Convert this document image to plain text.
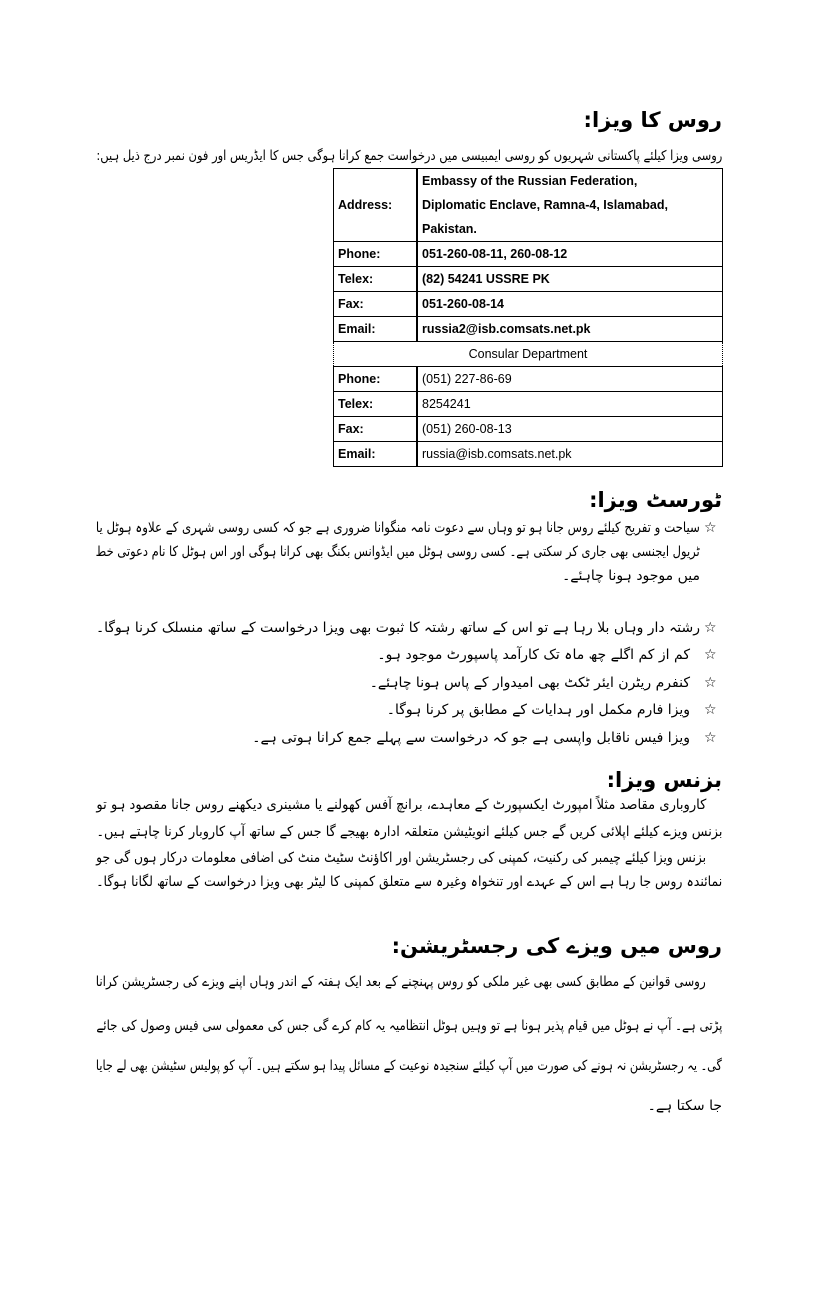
روس کا ویزا:
روسی ویزا کیلئے پاکستانی شہریوں کو روسی ایمبیسی میں درخواست جمع کرانا ہوگی جس کا ایڈریس اور فون نمبر درج ذیل ہیں:
Address:	Embassy of the Russian Federation,
Diplomatic Enclave, Ramna-4, Islamabad,
Pakistan.

Phone:	051-260-08-11, 260-08-12
Telex:	(82) 54241 USSRE PK
Fax:	051-260-08-14
Email:	russia2@isb.comsats.net.pk
Consular Department	
Phone:	(051) 227-86-69
Telex:	8254241
Fax:	(051) 260-08-13
Email:	russia@isb.comsats.net.pk
ٹورسٹ ویزا:
☆
سیاحت و تفریح کیلئے روس جانا ہو تو وہاں سے دعوت نامہ منگوانا ضروری ہے جو کہ کسی روسی شہری کے علاوہ ہوٹل یا
ٹریول ایجنسی بھی جاری کر سکتی ہے۔ کسی روسی ہوٹل میں ایڈوانس بکنگ بھی کرانا ہوگی اور اس ہوٹل کا نام دعوتی خط
میں موجود ہونا چاہئے۔
☆
رشتہ دار وہاں بلا رہا ہے تو اس کے ساتھ رشتہ کا ثبوت بھی ویزا درخواست کے ساتھ منسلک کرنا ہوگا۔
☆
کم از کم اگلے چھ ماہ تک کارآمد پاسپورٹ موجود ہو۔
☆
کنفرم ریٹرن ایئر ٹکٹ بھی امیدوار کے پاس ہونا چاہئے۔
☆
ویزا فارم مکمل اور ہدایات کے مطابق پر کرنا ہوگا۔
☆
ویزا فیس ناقابل واپسی ہے جو کہ درخواست سے پہلے جمع کرانا ہوتی ہے۔
بزنس ویزا:
کاروباری مقاصد مثلاً امپورٹ ایکسپورٹ کے معاہدے، برانچ آفس کھولنے یا مشینری دیکھنے روس جانا مقصود ہو تو
بزنس ویزے کیلئے اپلائی کریں گے جس کیلئے انویٹیشن متعلقہ ادارہ بھیجے گا جس کے ساتھ آپ کاروبار کرنا چاہتے ہیں۔
بزنس ویزا کیلئے چیمبر کی رکنیت، کمپنی کی رجسٹریشن اور اکاؤنٹ سٹیٹ منٹ کی اضافی معلومات درکار ہوں گی جو
نمائندہ روس جا رہا ہے اس کے عہدے اور تنخواہ وغیرہ سے متعلق کمپنی کا لیٹر بھی ویزا درخواست کے ساتھ لگانا ہوگا۔
روس میں ویزے کی رجسٹریشن:
روسی قوانین کے مطابق کسی بھی غیر ملکی کو روس پہنچنے کے بعد ایک ہفتہ کے اندر وہاں اپنے ویزے کی رجسٹریشن کرانا
پڑتی ہے۔ آپ نے ہوٹل میں قیام پذیر ہونا ہے تو وہیں ہوٹل انتظامیہ یہ کام کرے گی جس کی معمولی سی فیس وصول کی جائے
گی۔ یہ رجسٹریشن نہ ہونے کی صورت میں آپ کیلئے سنجیدہ نوعیت کے مسائل پیدا ہو سکتے ہیں۔ آپ کو پولیس سٹیشن بھی لے جایا
جا سکتا ہے۔
